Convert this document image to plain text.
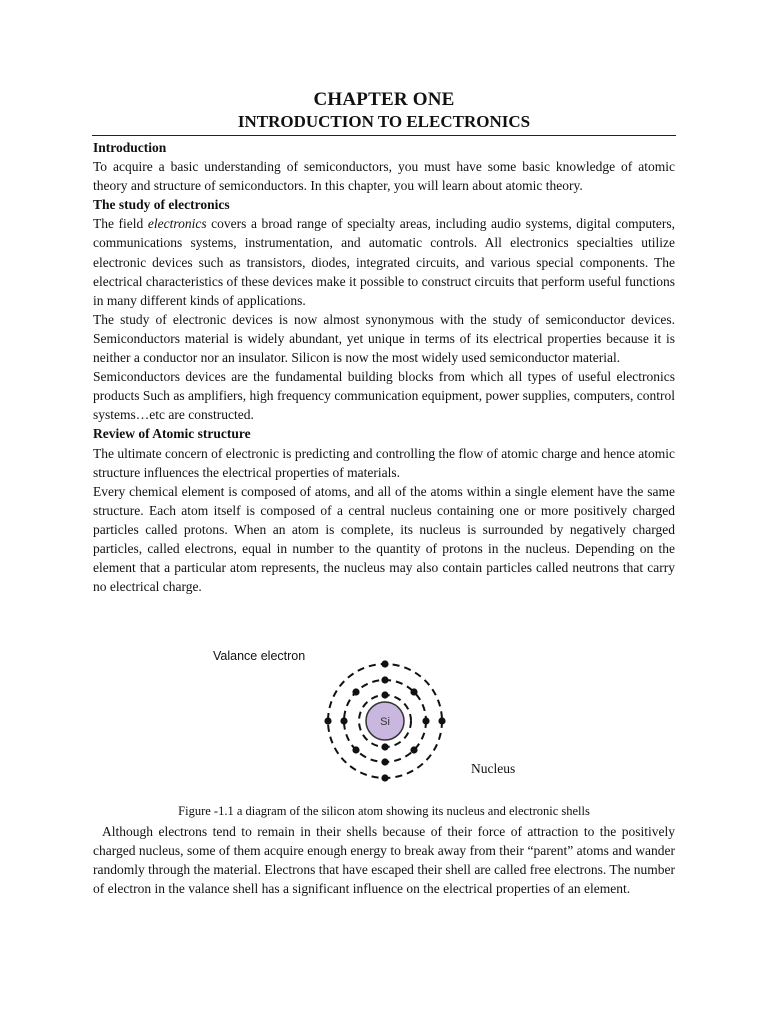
CHAPTER ONE
INTRODUCTION TO ELECTRONICS
Introduction

To acquire a basic understanding of semiconductors, you must have some basic knowledge of atomic theory and structure of semiconductors. In this chapter, you will learn about atomic theory.

The study of electronics

The field electronics covers a broad range of specialty areas, including audio systems, digital computers, communications systems, instrumentation, and automatic controls. All electronics specialties utilize electronic devices such as transistors, diodes, integrated circuits, and various special components. The electrical characteristics of these devices make it possible to construct circuits that perform useful functions in many different kinds of applications.

The study of electronic devices is now almost synonymous with the study of semiconductor devices. Semiconductors material is widely abundant, yet unique in terms of its electrical properties because it is neither a conductor nor an insulator. Silicon is now the most widely used semiconductor material.

Semiconductors devices are the fundamental building blocks from which all types of useful electronics products Such as amplifiers, high frequency communication equipment, power supplies, computers, control systems…etc are constructed.

Review of Atomic structure

The ultimate concern of electronic is predicting and controlling the flow of atomic charge and hence atomic structure influences the electrical properties of materials.

Every chemical element is composed of atoms, and all of the atoms within a single element have the same structure. Each atom itself is composed of a central nucleus containing one or more positively charged particles called protons. When an atom is complete, its nucleus is surrounded by negatively charged particles, called electrons, equal in number to the quantity of protons in the nucleus. Depending on the element that a particular atom represents, the nucleus may also contain particles called neutrons that carry no electrical charge.

Valance electron
Si
Nucleus
Figure -1.1 a diagram of the silicon atom showing its nucleus and electronic shells

Although electrons tend to remain in their shells because of their force of attraction to the positively charged nucleus, some of them acquire enough energy to break away from their “parent” atoms and wander randomly through the material. Electrons that have escaped their shell are called free electrons. The number of electron in the valance shell has a significant influence on the electrical properties of an element.
